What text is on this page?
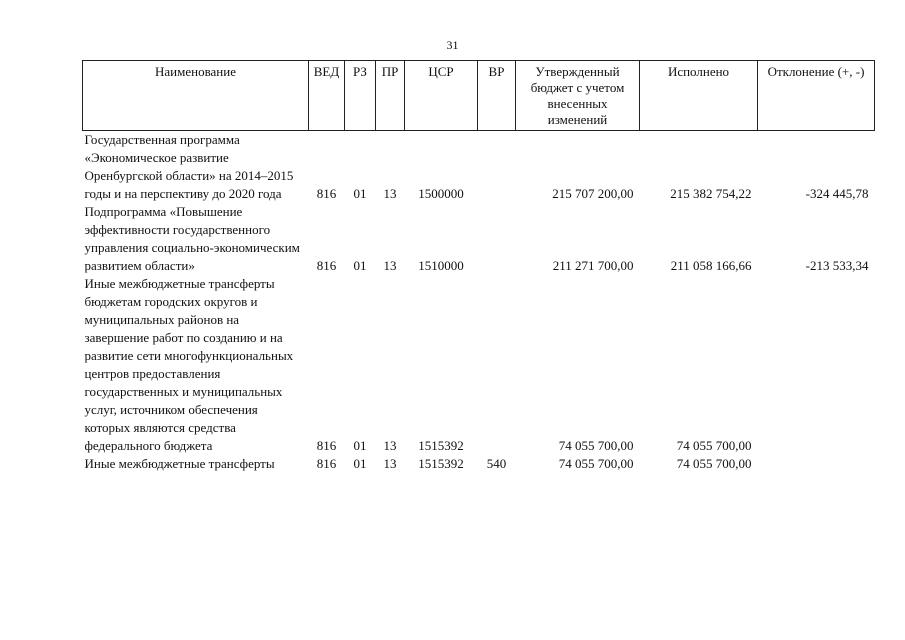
31
Наименование	ВЕД	РЗ	ПР	ЦСР	ВР	Утвержденный бюджет с учетом внесенных изменений	Исполнено	Отклонение (+, -)
Государственная программа «Экономическое развитие Оренбургской области» на 2014–2015 годы и на перспективу до 2020 года	816	01	13	1500000		215 707 200,00	215 382 754,22	-324 445,78
Подпрограмма «Повышение эффективности государственного управления социально-экономическим развитием области»	816	01	13	1510000		211 271 700,00	211 058 166,66	-213 533,34
Иные межбюджетные трансферты бюджетам городских округов и муниципальных районов на завершение работ по созданию и на развитие сети многофункциональных центров предоставления государственных и муниципальных услуг, источником обеспечения которых являются средства федерального бюджета	816	01	13	1515392		74 055 700,00	74 055 700,00	
Иные межбюджетные трансферты	816	01	13	1515392	540	74 055 700,00	74 055 700,00	
